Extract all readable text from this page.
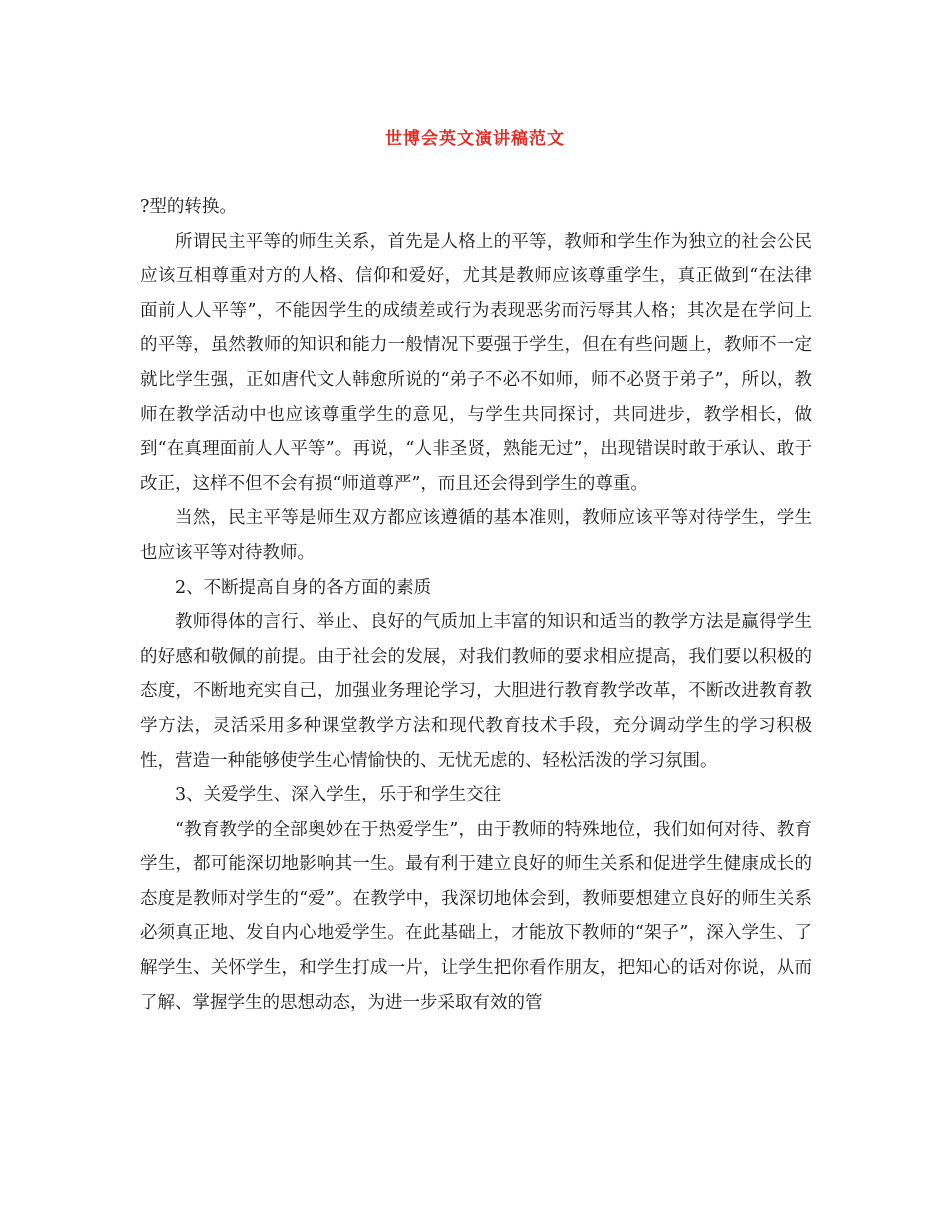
世博会英文演讲稿范文

?型的转换。

所谓民主平等的师生关系，首先是人格上的平等，教师和学生作为独立的社会公民应该互相尊重对方的人格、信仰和爱好，尤其是教师应该尊重学生，真正做到“在法律面前人人平等”，不能因学生的成绩差或行为表现恶劣而污辱其人格；其次是在学问上的平等，虽然教师的知识和能力一般情况下要强于学生，但在有些问题上，教师不一定就比学生强，正如唐代文人韩愈所说的“弟子不必不如师，师不必贤于弟子”，所以，教师在教学活动中也应该尊重学生的意见，与学生共同探讨，共同进步，教学相长，做到“在真理面前人人平等”。再说，“人非圣贤，熟能无过”，出现错误时敢于承认、敢于改正，这样不但不会有损“师道尊严”，而且还会得到学生的尊重。

当然，民主平等是师生双方都应该遵循的基本准则，教师应该平等对待学生，学生也应该平等对待教师。

2、不断提高自身的各方面的素质

教师得体的言行、举止、良好的气质加上丰富的知识和适当的教学方法是赢得学生的好感和敬佩的前提。由于社会的发展，对我们教师的要求相应提高，我们要以积极的态度，不断地充实自己，加强业务理论学习，大胆进行教育教学改革，不断改进教育教学方法，灵活采用多种课堂教学方法和现代教育技术手段，充分调动学生的学习积极性，营造一种能够使学生心情愉快的、无忧无虑的、轻松活泼的学习氛围。

3、关爱学生、深入学生，乐于和学生交往

“教育教学的全部奥妙在于热爱学生”，由于教师的特殊地位，我们如何对待、教育学生，都可能深切地影响其一生。最有利于建立良好的师生关系和促进学生健康成长的态度是教师对学生的“爱”。在教学中，我深切地体会到，教师要想建立良好的师生关系必须真正地、发自内心地爱学生。在此基础上，才能放下教师的“架子”，深入学生、了解学生、关怀学生，和学生打成一片，让学生把你看作朋友，把知心的话对你说，从而了解、掌握学生的思想动态，为进一步采取有效的管
